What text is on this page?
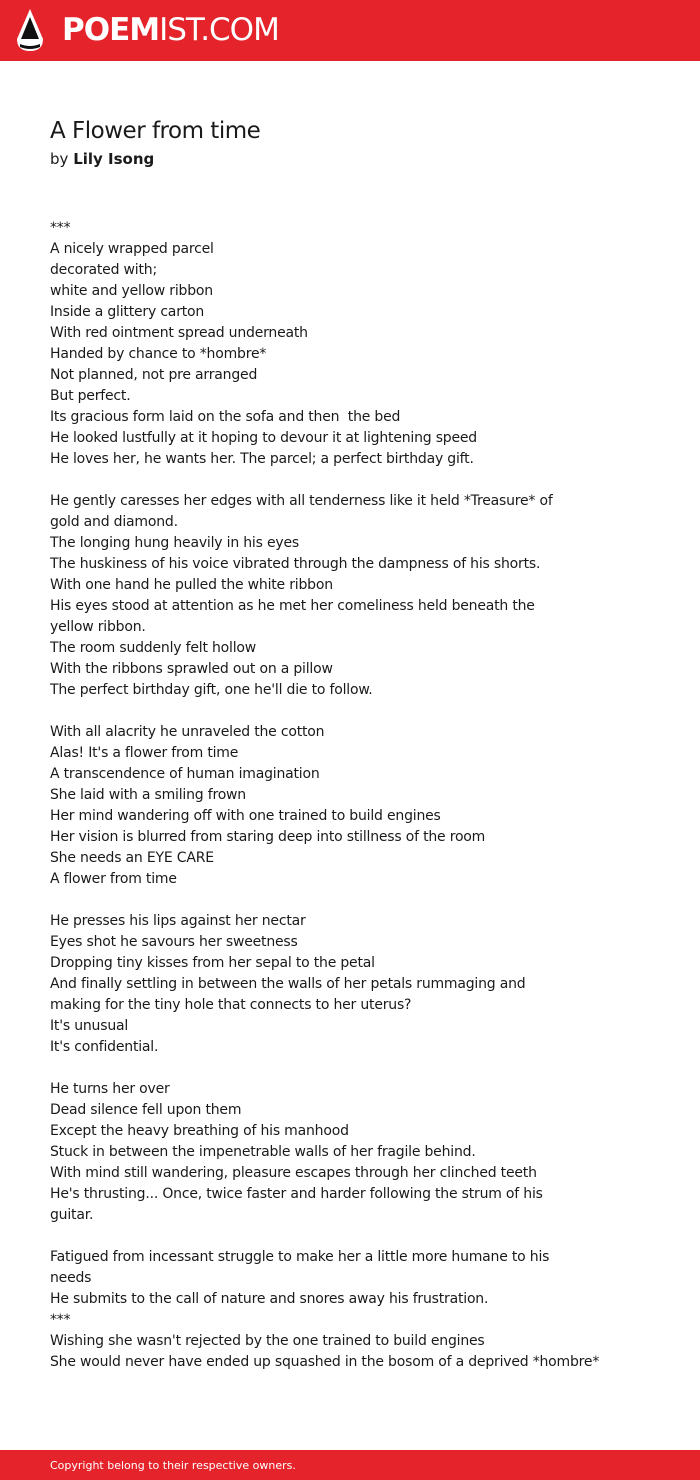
POEMIST.COM
A Flower from time
by Lily Isong
***
A nicely wrapped parcel
decorated with;
white and yellow ribbon
Inside a glittery carton
With red ointment spread underneath
Handed by chance to *hombre*
Not planned, not pre arranged
But perfect.
Its gracious form laid on the sofa and then  the bed
He looked lustfully at it hoping to devour it at lightening speed
He loves her, he wants her. The parcel; a perfect birthday gift.

He gently caresses her edges with all tenderness like it held *Treasure* of
gold and diamond.
The longing hung heavily in his eyes
The huskiness of his voice vibrated through the dampness of his shorts.
With one hand he pulled the white ribbon
His eyes stood at attention as he met her comeliness held beneath the
yellow ribbon.
The room suddenly felt hollow
With the ribbons sprawled out on a pillow
The perfect birthday gift, one he'll die to follow.

With all alacrity he unraveled the cotton
Alas! It's a flower from time
A transcendence of human imagination
She laid with a smiling frown
Her mind wandering off with one trained to build engines
Her vision is blurred from staring deep into stillness of the room
She needs an EYE CARE
A flower from time

He presses his lips against her nectar
Eyes shot he savours her sweetness
Dropping tiny kisses from her sepal to the petal
And finally settling in between the walls of her petals rummaging and
making for the tiny hole that connects to her uterus?
It's unusual
It's confidential.

He turns her over
Dead silence fell upon them
Except the heavy breathing of his manhood
Stuck in between the impenetrable walls of her fragile behind.
With mind still wandering, pleasure escapes through her clinched teeth
He's thrusting... Once, twice faster and harder following the strum of his
guitar.

Fatigued from incessant struggle to make her a little more humane to his
needs
He submits to the call of nature and snores away his frustration.
***
Wishing she wasn't rejected by the one trained to build engines
She would never have ended up squashed in the bosom of a deprived *hombre*
Copyright belong to their respective owners.
